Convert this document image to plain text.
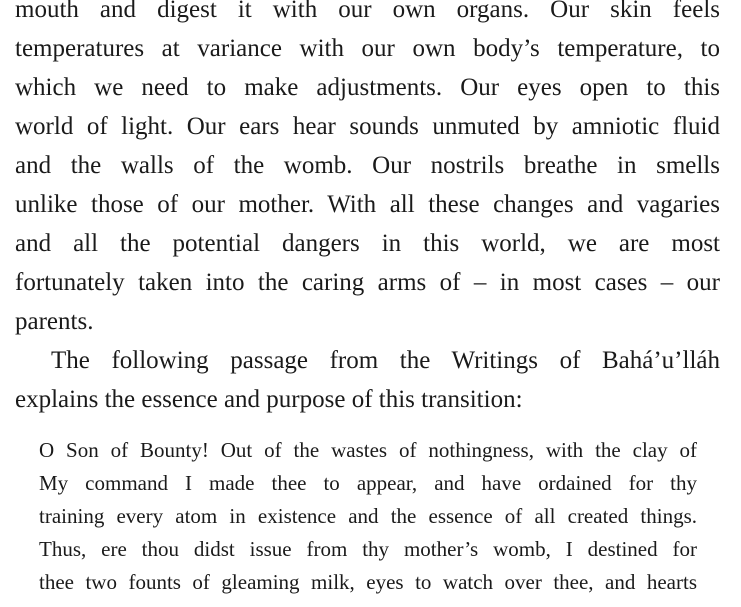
mouth and digest it with our own organs. Our skin feels
temperatures at variance with our own body’s temperature, to
which we need to make adjustments. Our eyes open to this
world of light. Our ears hear sounds unmuted by amniotic fluid
and the walls of the womb. Our nostrils breathe in smells
unlike those of our mother. With all these changes and vagaries
and all the potential dangers in this world, we are most
fortunately taken into the caring arms of – in most cases – our
parents.

The following passage from the Writings of Bahá’u’lláh
explains the essence and purpose of this transition:

O Son of Bounty! Out of the wastes of nothingness, with the clay of
My command I made thee to appear, and have ordained for thy
training every atom in existence and the essence of all created things.
Thus, ere thou didst issue from thy mother’s womb, I destined for
thee two founts of gleaming milk, eyes to watch over thee, and hearts
